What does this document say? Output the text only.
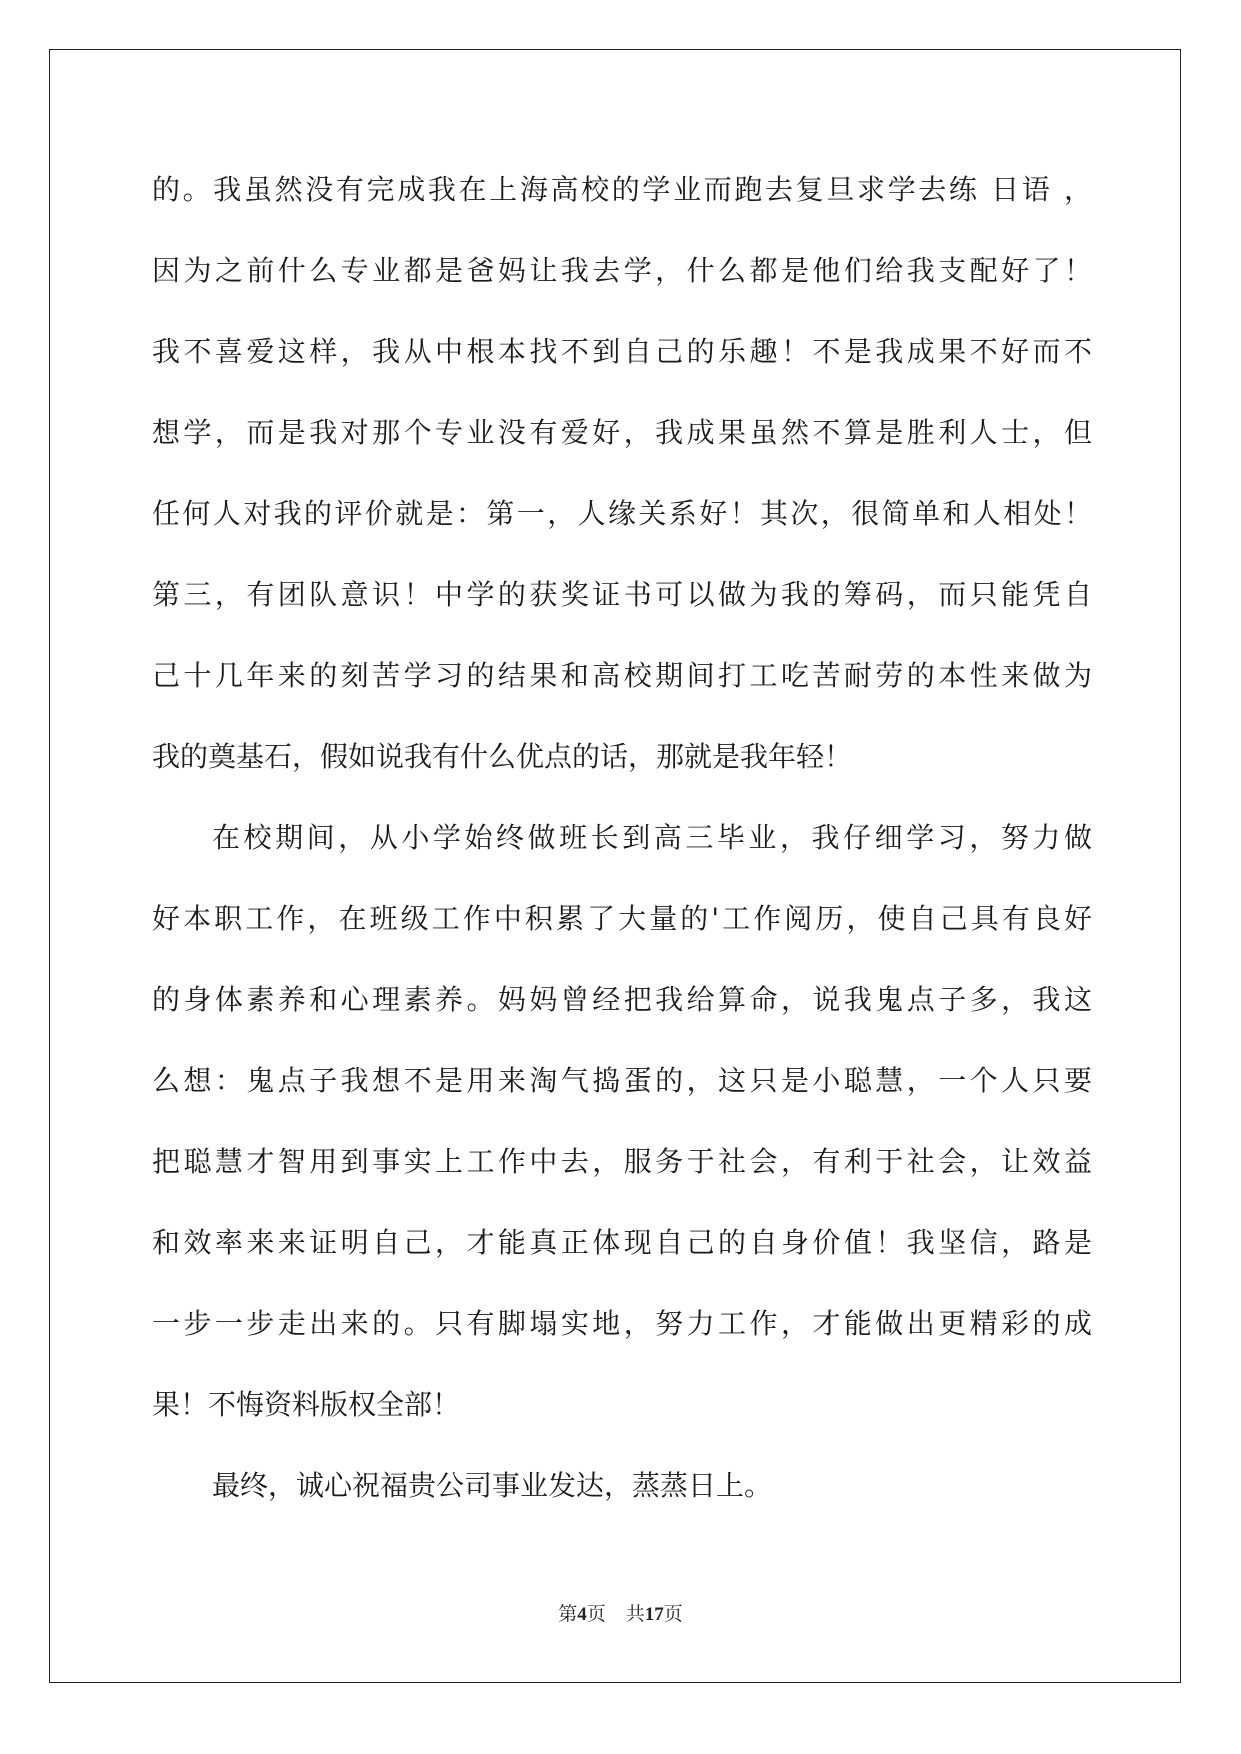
的。我虽然没有完成我在上海高校的学业而跑去复旦求学去练 日语 ，
因为之前什么专业都是爸妈让我去学，什么都是他们给我支配好了！
我不喜爱这样，我从中根本找不到自己的乐趣！不是我成果不好而不
想学，而是我对那个专业没有爱好，我成果虽然不算是胜利人士，但
任何人对我的评价就是：第一，人缘关系好！其次，很简单和人相处！
第三，有团队意识！中学的获奖证书可以做为我的筹码，而只能凭自
己十几年来的刻苦学习的结果和高校期间打工吃苦耐劳的本性来做为
我的奠基石，假如说我有什么优点的话，那就是我年轻！
在校期间，从小学始终做班长到高三毕业，我仔细学习，努力做
好本职工作，在班级工作中积累了大量的'工作阅历，使自己具有良好
的身体素养和心理素养。妈妈曾经把我给算命，说我鬼点子多，我这
么想：鬼点子我想不是用来淘气捣蛋的，这只是小聪慧，一个人只要
把聪慧才智用到事实上工作中去，服务于社会，有利于社会，让效益
和效率来来证明自己，才能真正体现自己的自身价值！我坚信，路是
一步一步走出来的。只有脚塌实地，努力工作，才能做出更精彩的成
果！不悔资料版权全部！
最终，诚心祝福贵公司事业发达，蒸蒸日上。
第4页 共17页
